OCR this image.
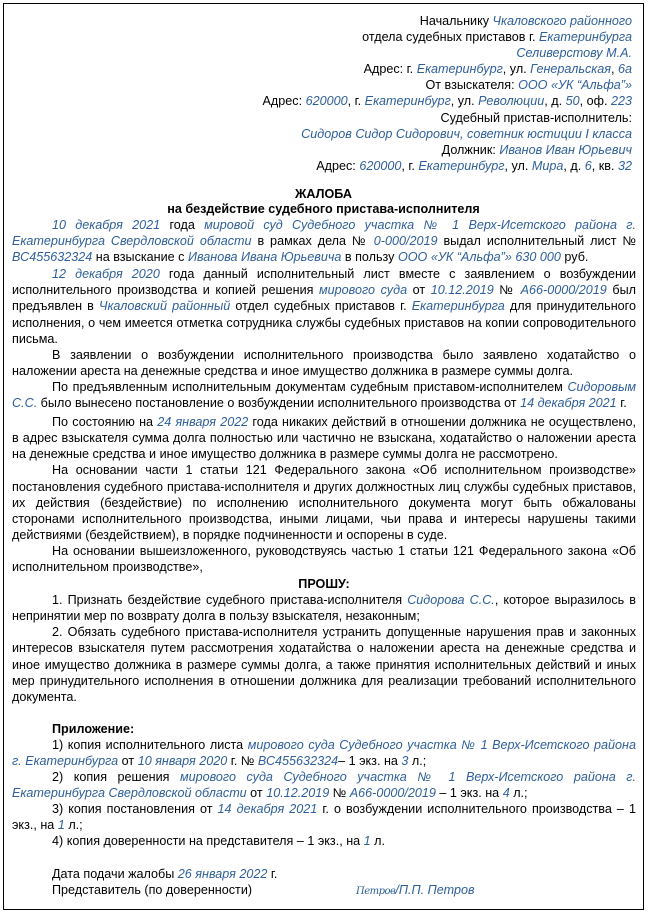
Начальнику Чкаловского районного
отдела судебных приставов г. Екатеринбурга
Селиверстову М.А.
Адрес: г. Екатеринбург, ул. Генеральская, 6а
От взыскателя: ООО «УК “Альфа”»
Адрес: 620000, г. Екатеринбург, ул. Революции, д. 50, оф. 223
Судебный пристав-исполнитель:
Сидоров Сидор Сидорович, советник юстиции I класса
Должник: Иванов Иван Юрьевич
Адрес: 620000, г. Екатеринбург, ул. Мира, д. 6, кв. 32
ЖАЛОБА
на бездействие судебного пристава-исполнителя

10 декабря 2021 года мировой суд Судебного участка № 1 Верх-Исетского района г. Екатеринбурга Свердловской области в рамках дела № 0-000/2019 выдал исполнительный лист № ВС455632324 на взыскание с Иванова Ивана Юрьевича в пользу ООО «УК “Альфа”» 630 000 руб.

12 декабря 2020 года данный исполнительный лист вместе с заявлением о возбуждении исполнительного производства и копией решения мирового суда от 10.12.2019 № А66-0000/2019 был предъявлен в Чкаловский районный отдел судебных приставов г. Екатеринбурга для принудительного исполнения, о чем имеется отметка сотрудника службы судебных приставов на копии сопроводительного письма.

В заявлении о возбуждении исполнительного производства было заявлено ходатайство о наложении ареста на денежные средства и иное имущество должника в размере суммы долга.

По предъявленным исполнительным документам судебным приставом-исполнителем Сидоровым С.С. было вынесено постановление о возбуждении исполнительного производства от 14 декабря 2021 г.

По состоянию на 24 января 2022 года никаких действий в отношении должника не осуществлено, в адрес взыскателя сумма долга полностью или частично не взыскана, ходатайство о наложении ареста на денежные средства и иное имущество должника в размере суммы долга не рассмотрено.

На основании части 1 статьи 121 Федерального закона «Об исполнительном производстве» постановления судебного пристава-исполнителя и других должностных лиц службы судебных приставов, их действия (бездействие) по исполнению исполнительного документа могут быть обжалованы сторонами исполнительного производства, иными лицами, чьи права и интересы нарушены такими действиями (бездействием), в порядке подчиненности и оспорены в суде.

На основании вышеизложенного, руководствуясь частью 1 статьи 121 Федерального закона «Об исполнительном производстве»,

ПРОШУ:

1. Признать бездействие судебного пристава-исполнителя Сидорова С.С., которое выразилось в непринятии мер по возврату долга в пользу взыскателя, незаконным;

2. Обязать судебного пристава-исполнителя устранить допущенные нарушения прав и законных интересов взыскателя путем рассмотрения ходатайства о наложении ареста на денежные средства и иное имущество должника в размере суммы долга, а также принятия исполнительных действий и иных мер принудительного исполнения в отношении должника для реализации требований исполнительного документа.

Приложение:

1) копия исполнительного листа мирового суда Судебного участка № 1 Верх-Исетского района г. Екатеринбурга от 10 января 2020 г. № ВС455632324– 1 экз. на 3 л.;

2) копия решения мирового суда Судебного участка № 1 Верх-Исетского района г. Екатеринбурга Свердловской области от 10.12.2019 № А66-0000/2019 – 1 экз. на 4 л.;

3) копия постановления от 14 декабря 2021 г. о возбуждении исполнительного производства – 1 экз., на 1 л.;

4) копия доверенности на представителя – 1 экз., на 1 л.

Дата подачи жалобы 26 января 2022 г.
Представитель (по доверенности)	Петров/П.П. Петров
